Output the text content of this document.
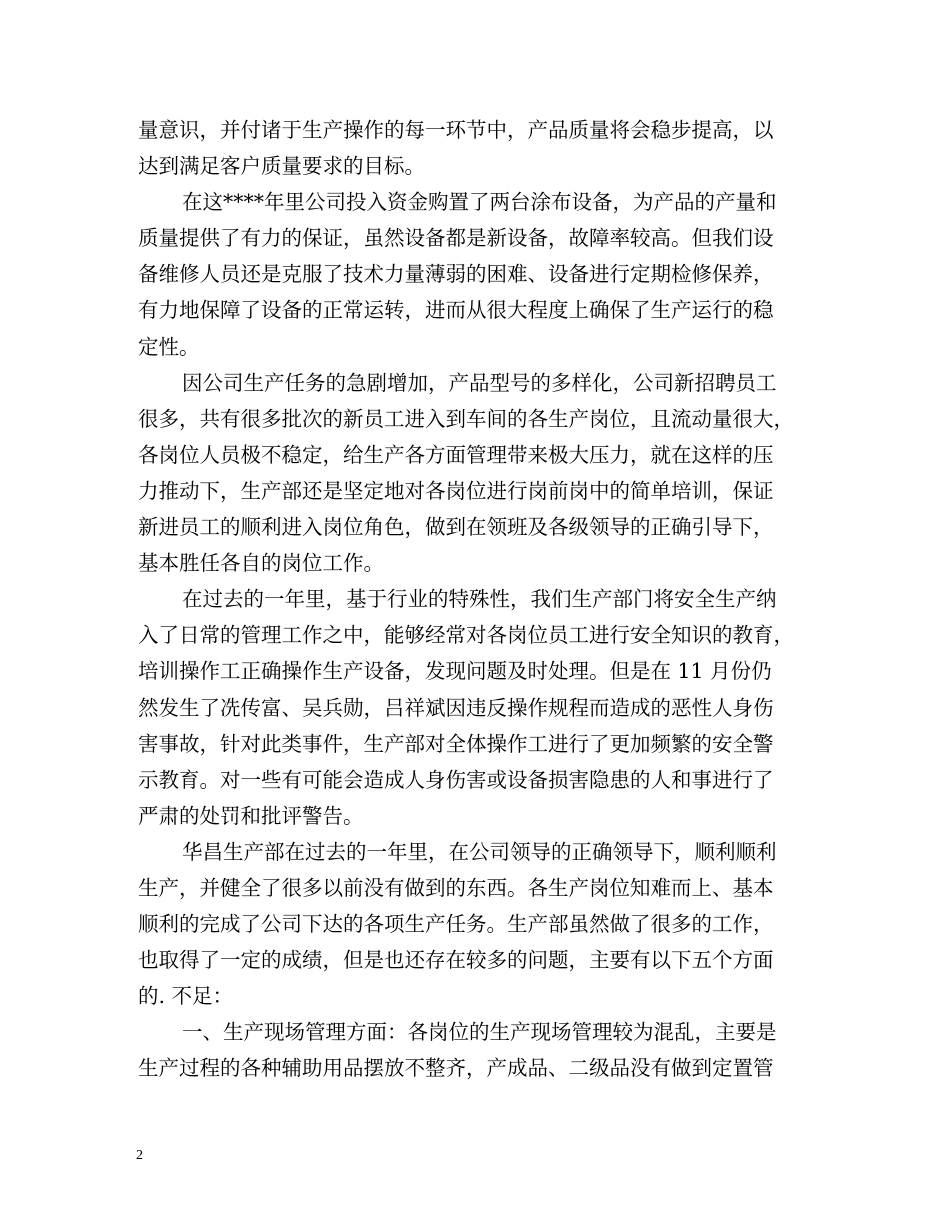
量意识，并付诸于生产操作的每一环节中，产品质量将会稳步提高，以
达到满足客户质量要求的目标。
在这****年里公司投入资金购置了两台涂布设备，为产品的产量和
质量提供了有力的保证，虽然设备都是新设备，故障率较高。但我们设
备维修人员还是克服了技术力量薄弱的困难、设备进行定期检修保养，
有力地保障了设备的正常运转，进而从很大程度上确保了生产运行的稳
定性。
因公司生产任务的急剧增加，产品型号的多样化，公司新招聘员工
很多，共有很多批次的新员工进入到车间的各生产岗位，且流动量很大，
各岗位人员极不稳定，给生产各方面管理带来极大压力，就在这样的压
力推动下，生产部还是坚定地对各岗位进行岗前岗中的简单培训，保证
新进员工的顺利进入岗位角色，做到在领班及各级领导的正确引导下，
基本胜任各自的岗位工作。
在过去的一年里，基于行业的特殊性，我们生产部门将安全生产纳
入了日常的管理工作之中，能够经常对各岗位员工进行安全知识的教育，
培训操作工正确操作生产设备，发现问题及时处理。但是在 11 月份仍
然发生了冼传富、吴兵勋，吕祥斌因违反操作规程而造成的恶性人身伤
害事故，针对此类事件，生产部对全体操作工进行了更加频繁的安全警
示教育。对一些有可能会造成人身伤害或设备损害隐患的人和事进行了
严肃的处罚和批评警告。
华昌生产部在过去的一年里，在公司领导的正确领导下，顺利顺利
生产，并健全了很多以前没有做到的东西。各生产岗位知难而上、基本
顺利的完成了公司下达的各项生产任务。生产部虽然做了很多的工作，
也取得了一定的成绩，但是也还存在较多的问题，主要有以下五个方面
的. 不足：
一、生产现场管理方面：各岗位的生产现场管理较为混乱，主要是
生产过程的各种辅助用品摆放不整齐，产成品、二级品没有做到定置管
2
